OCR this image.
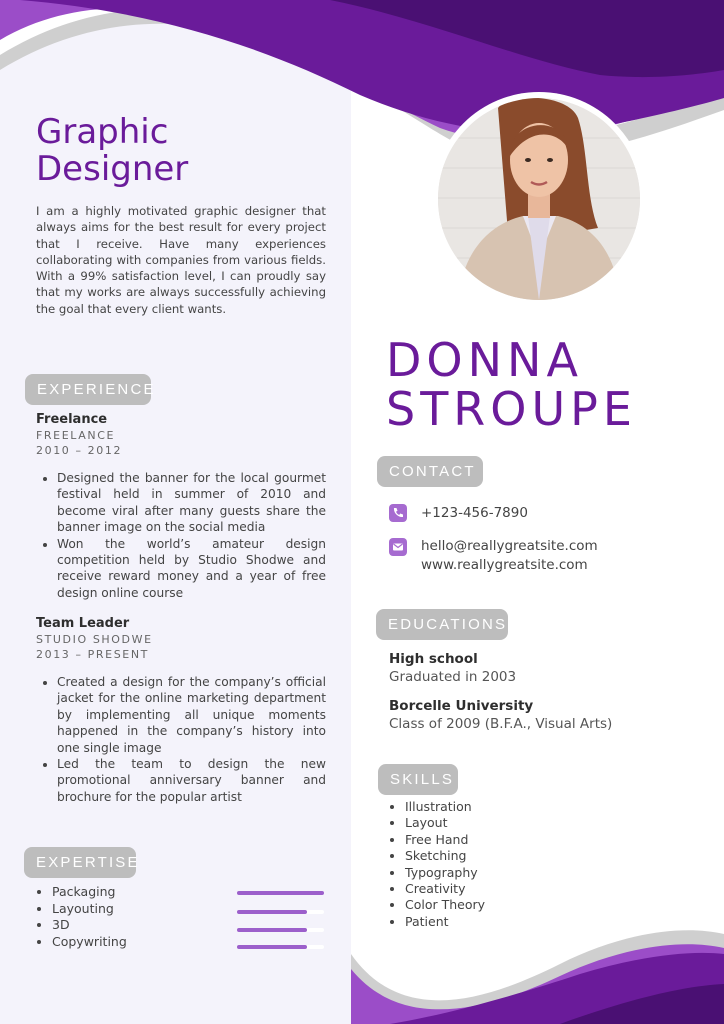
Graphic
Designer

I am a highly motivated graphic designer that always aims for the best result for every project that I receive. Have many experiences collaborating with companies from various fields. With a 99% satisfaction level, I can proudly say that my works are always successfully achieving the goal that every client wants.

EXPERIENCE
Freelance
FREELANCE
2010 – 2012
• Designed the banner for the local gourmet festival held in summer of 2010 and become viral after many guests share the banner image on the social media
• Won the world’s amateur design competition held by Studio Shodwe and receive reward money and a year of free design online course
Team Leader
STUDIO SHODWE
2013 – PRESENT
• Created a design for the company’s official jacket for the online marketing department by implementing all unique moments happened in the company’s history into one single image
• Led the team to design the new promotional anniversary banner and brochure for the popular artist
EXPERTISE
• Packaging
• Layouting
• 3D
• Copywriting
DONNA
STROUPE
CONTACT
+123-456-7890
hello@reallygreatsite.com
www.reallygreatsite.com
EDUCATIONS
High school
Graduated in 2003
Borcelle University
Class of 2009 (B.F.A., Visual Arts)
SKILLS
• Illustration
• Layout
• Free Hand
• Sketching
• Typography
• Creativity
• Color Theory
• Patient
